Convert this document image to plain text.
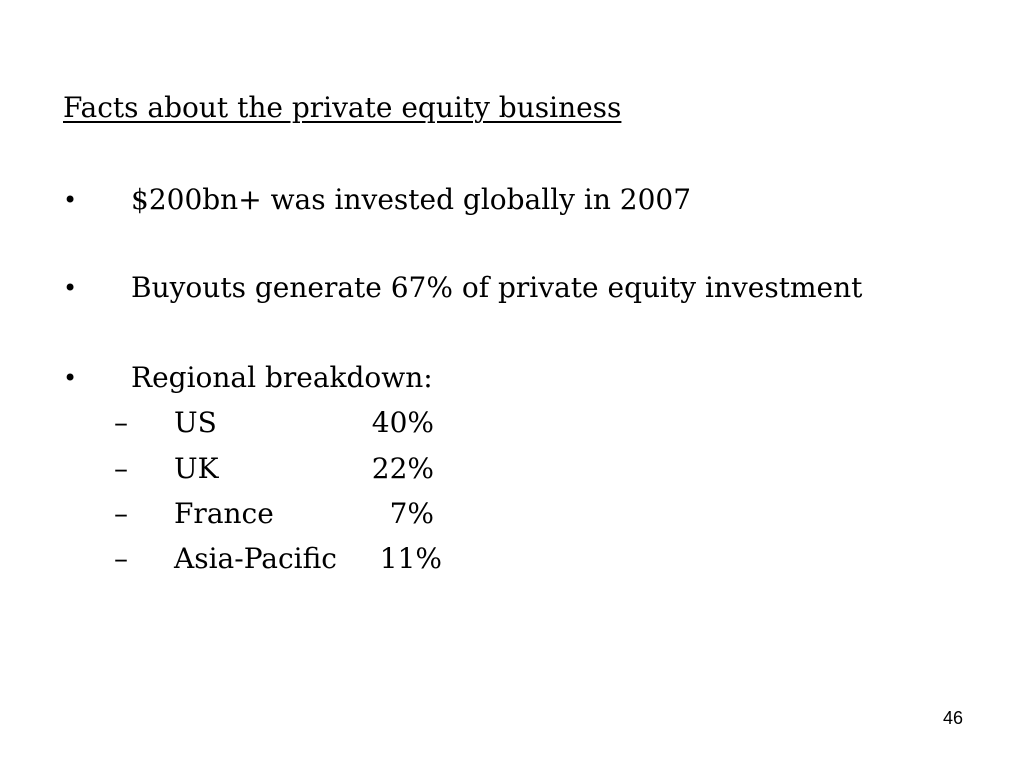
Facts about the private equity business
• $200bn+ was invested globally in 2007
• Buyouts generate 67% of private equity investment
• Regional breakdown:
– US	40%
– UK	22%
– France	7%
– Asia-Pacific 11%
46
